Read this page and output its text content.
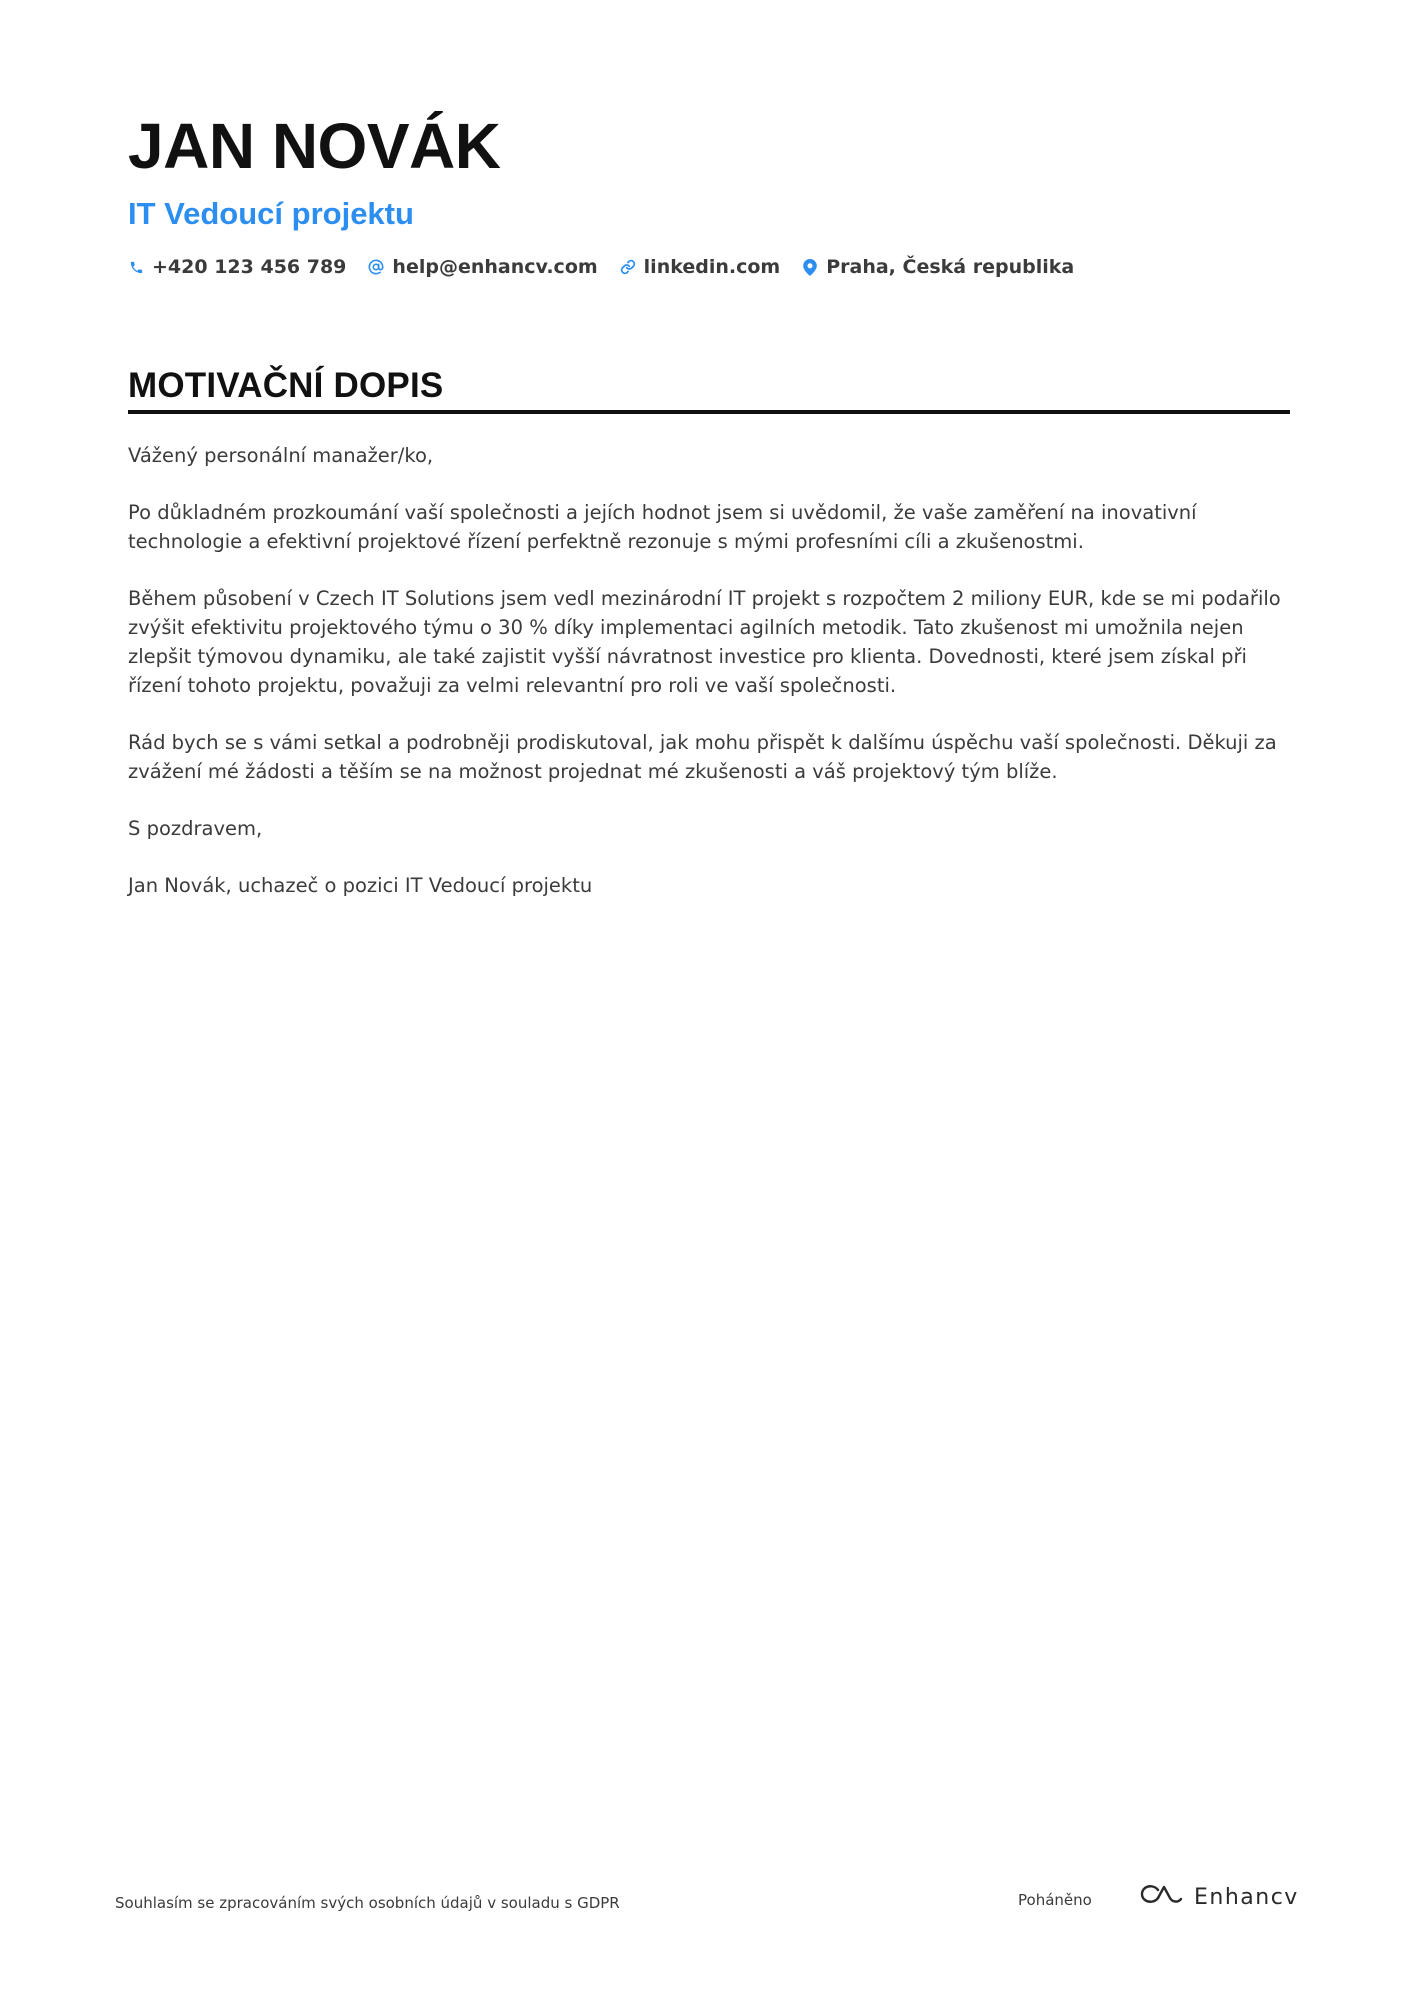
JAN NOVÁK
IT Vedoucí projektu
+420 123 456 789 help@enhancv.com linkedin.com Praha, Česká republika
MOTIVAČNÍ DOPIS

Vážený personální manažer/ko,

Po důkladném prozkoumání vaší společnosti a jejích hodnot jsem si uvědomil, že vaše zaměření na inovativní technologie a efektivní projektové řízení perfektně rezonuje s mými profesními cíli a zkušenostmi.

Během působení v Czech IT Solutions jsem vedl mezinárodní IT projekt s rozpočtem 2 miliony EUR, kde se mi podařilo zvýšit efektivitu projektového týmu o 30 % díky implementaci agilních metodik. Tato zkušenost mi umožnila nejen zlepšit týmovou dynamiku, ale také zajistit vyšší návratnost investice pro klienta. Dovednosti, které jsem získal při řízení tohoto projektu, považuji za velmi relevantní pro roli ve vaší společnosti.

Rád bych se s vámi setkal a podrobněji prodiskutoval, jak mohu přispět k dalšímu úspěchu vaší společnosti. Děkuji za zvážení mé žádosti a těším se na možnost projednat mé zkušenosti a váš projektový tým blíže.

S pozdravem,

Jan Novák, uchazeč o pozici IT Vedoucí projektu

Souhlasím se zpracováním svých osobních údajů v souladu s GDPR	Poháněno	Enhancv
